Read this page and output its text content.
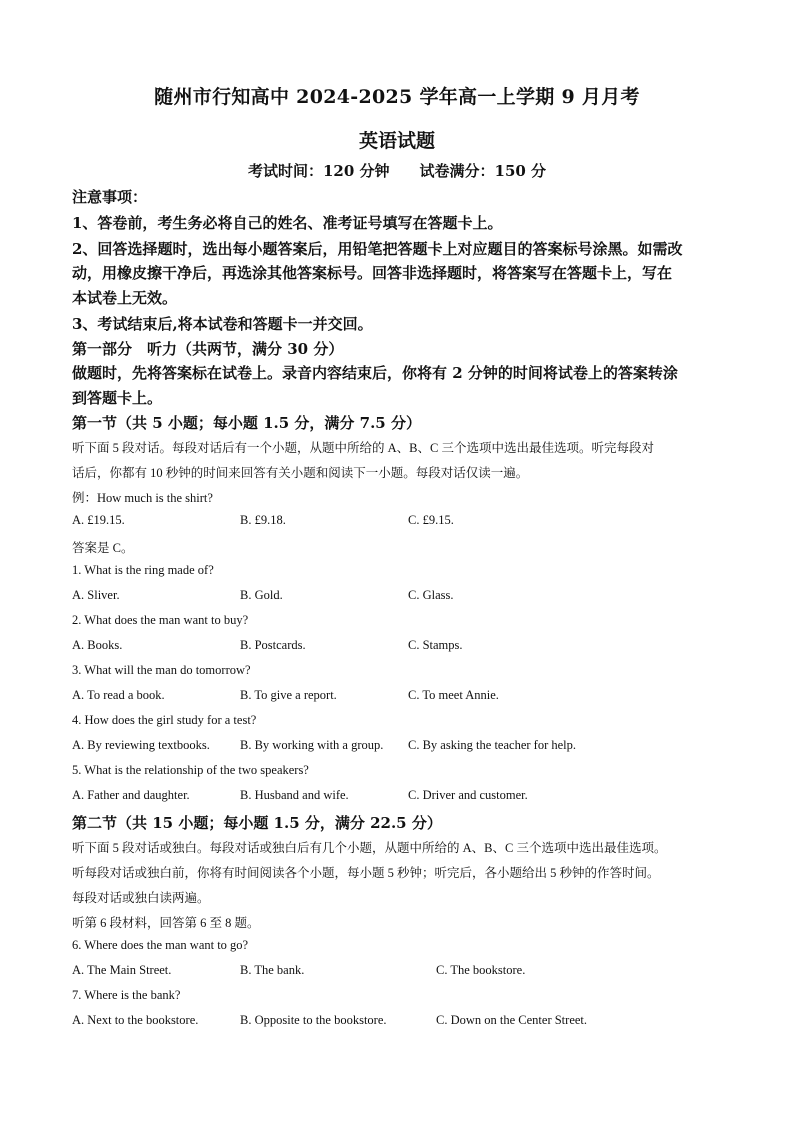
随州市行知高中 2024-2025 学年高一上学期 9 月月考
英语试题
考试时间：120 分钟 试卷满分：150 分
注意事项：
1、答卷前，考生务必将自己的姓名、准考证号填写在答题卡上。
2、回答选择题时，选出每小题答案后，用铅笔把答题卡上对应题目的答案标号涂黑。如需改
动，用橡皮擦干净后，再选涂其他答案标号。回答非选择题时，将答案写在答题卡上，写在
本试卷上无效。
3、考试结束后,将本试卷和答题卡一并交回。
第一部分　听力（共两节，满分 30 分）
做题时，先将答案标在试卷上。录音内容结束后，你将有 2 分钟的时间将试卷上的答案转涂
到答题卡上。
第一节（共 5 小题；每小题 1.5 分，满分 7.5 分）
听下面 5 段对话。每段对话后有一个小题，从题中所给的 A、B、C 三个选项中选出最佳选项。听完每段对
话后，你都有 10 秒钟的时间来回答有关小题和阅读下一小题。每段对话仅读一遍。
例：How much is the shirt?
A. £19.15.	B. £9.18.	C. £9.15.
答案是 C。
1. What is the ring made of?
A. Sliver.	B. Gold.	C. Glass.
2. What does the man want to buy?
A. Books.	B. Postcards.	C. Stamps.
3. What will the man do tomorrow?
A. To read a book.	B. To give a report.	C. To meet Annie.
4. How does the girl study for a test?
A. By reviewing textbooks. B. By working with a group. C. By asking the teacher for help.
5. What is the relationship of the two speakers?
A. Father and daughter.	B. Husband and wife.	C. Driver and customer.
第二节（共 15 小题；每小题 1.5 分，满分 22.5 分）
听下面 5 段对话或独白。每段对话或独白后有几个小题，从题中所给的 A、B、C 三个选项中选出最佳选项。
听每段对话或独白前，你将有时间阅读各个小题，每小题 5 秒钟；听完后，各小题给出 5 秒钟的作答时间。
每段对话或独白读两遍。
听第 6 段材料，回答第 6 至 8 题。
6. Where does the man want to go?
A. The Main Street.	B. The bank.	C. The bookstore.
7. Where is the bank?
A. Next to the bookstore.	B. Opposite to the bookstore.	C. Down on the Center Street.
